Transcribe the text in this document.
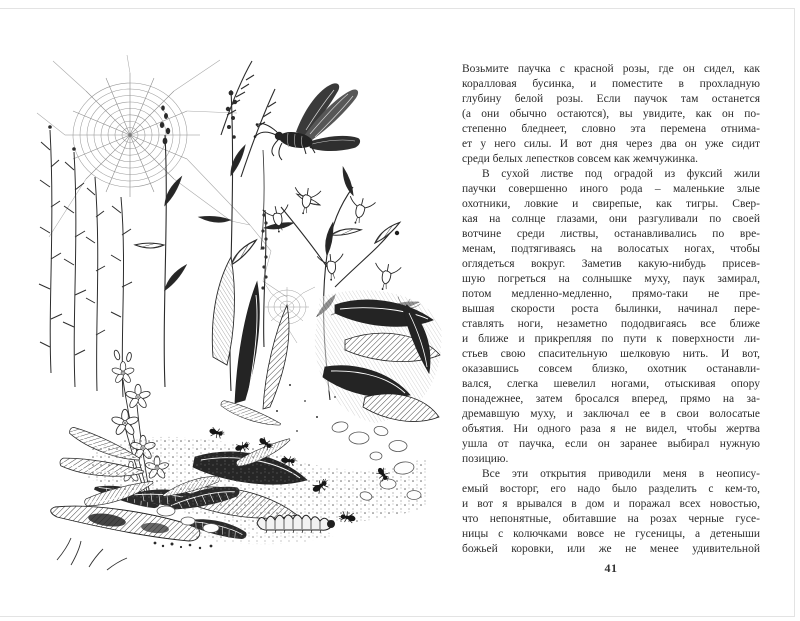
Возьмите паучка с красной розы, где он сидел, как
коралловая бусинка, и поместите в прохладную
глубину белой розы. Если паучок там останется
(а они обычно остаются), вы увидите, как он по-
степенно бледнеет, словно эта перемена отнима-
ет у него силы. И вот дня через два он уже сидит
среди белых лепестков совсем как жемчужинка.
В сухой листве под оградой из фуксий жили
паучки совершенно иного рода – маленькие злые
охотники, ловкие и свирепые, как тигры. Свер-
кая на солнце глазами, они разгуливали по своей
вотчине среди листвы, останавливались по вре-
менам, подтягиваясь на волосатых ногах, чтобы
оглядеться вокруг. Заметив какую-нибудь присев-
шую погреться на солнышке муху, паук замирал,
потом медленно-медленно, прямо-таки не пре-
вышая скорости роста былинки, начинал пере-
ставлять ноги, незаметно пододвигаясь все ближе
и ближе и прикрепляя по пути к поверхности ли-
стьев свою спасительную шелковую нить. И вот,
оказавшись совсем близко, охотник останавли-
вался, слегка шевелил ногами, отыскивая опору
понадежнее, затем бросался вперед, прямо на за-
дремавшую муху, и заключал ее в свои волосатые
объятия. Ни одного раза я не видел, чтобы жертва
ушла от паучка, если он заранее выбирал нужную
позицию.
Все эти открытия приводили меня в неопису-
емый восторг, его надо было разделить с кем-то,
и вот я врывался в дом и поражал всех новостью,
что непонятные, обитавшие на розах черные гусе-
ницы с колючками вовсе не гусеницы, а детеныши
божьей коровки, или же не менее удивительной
41
